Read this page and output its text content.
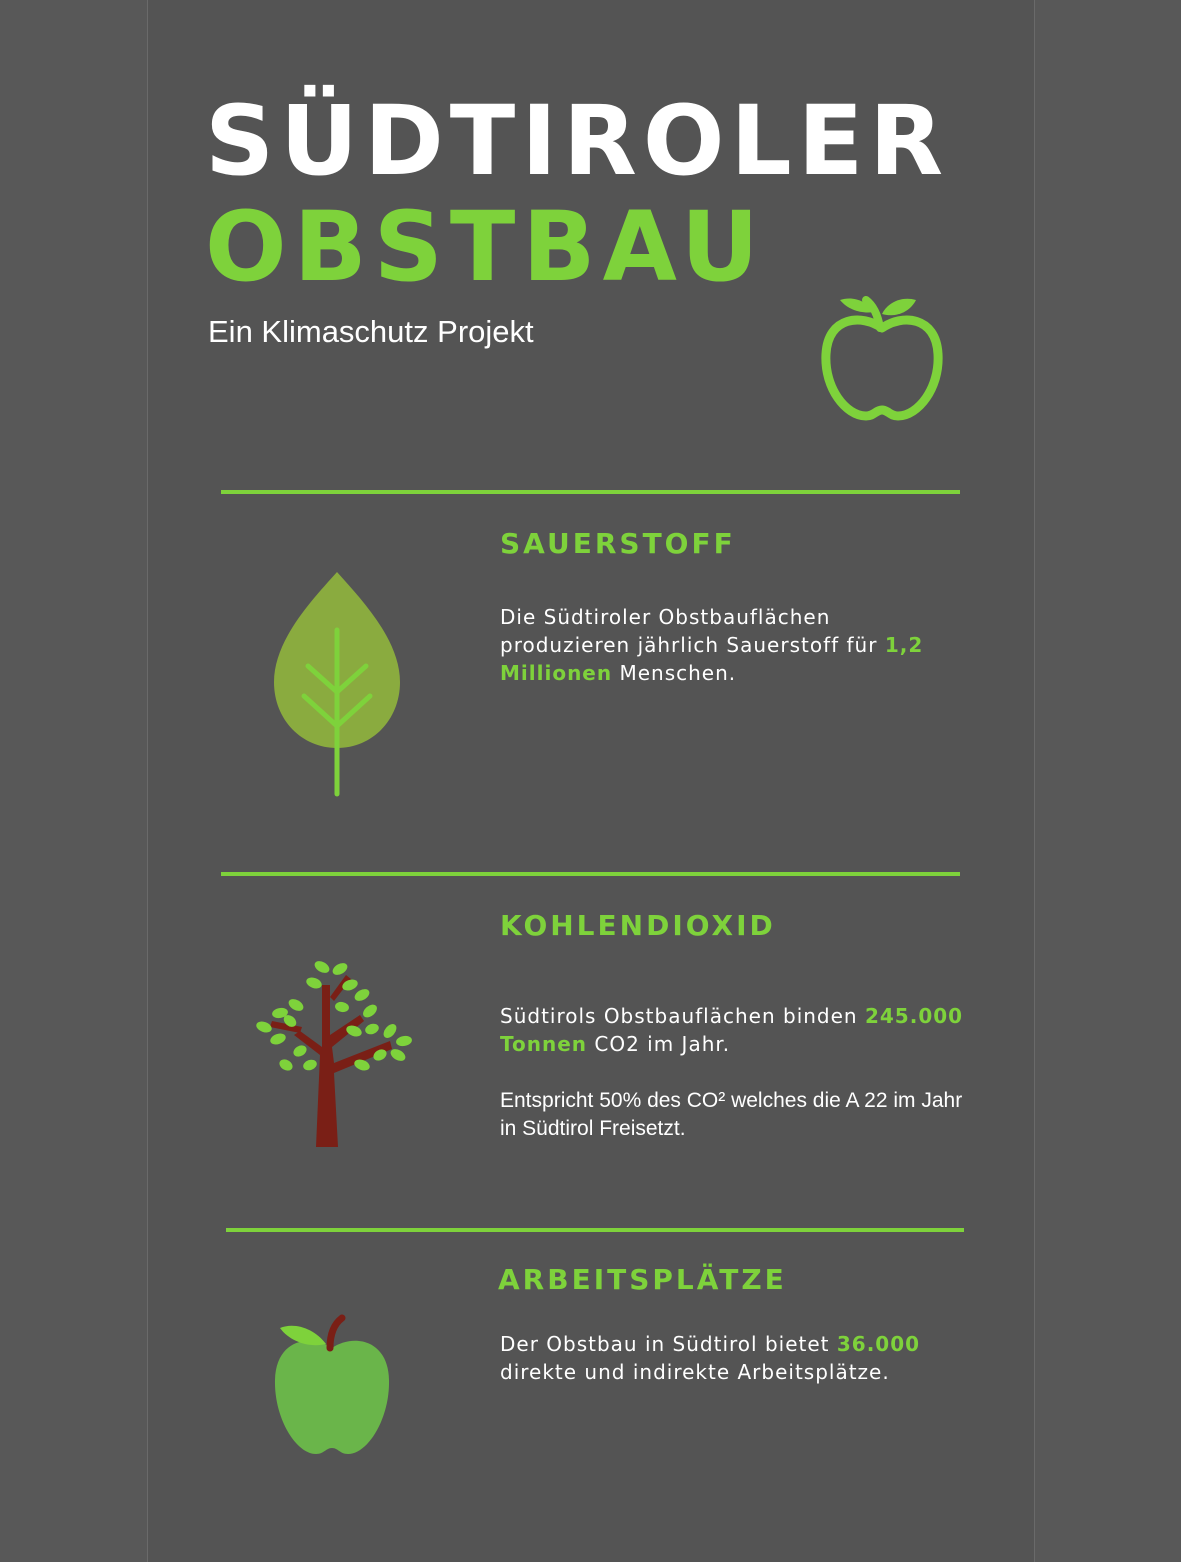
SÜDTIROLER
OBSTBAU
Ein Klimaschutz Projekt
SAUERSTOFF
Die Südtiroler Obstbauflächen produzieren jährlich Sauerstoff für 1,2 Millionen Menschen.
KOHLENDIOXID
Südtirols Obstbauflächen binden 245.000 Tonnen CO2 im Jahr.
Entspricht 50% des CO² welches die A 22 im Jahr in Südtirol Freisetzt.
ARBEITSPLÄTZE
Der Obstbau in Südtirol bietet 36.000 direkte und indirekte Arbeitsplätze.
